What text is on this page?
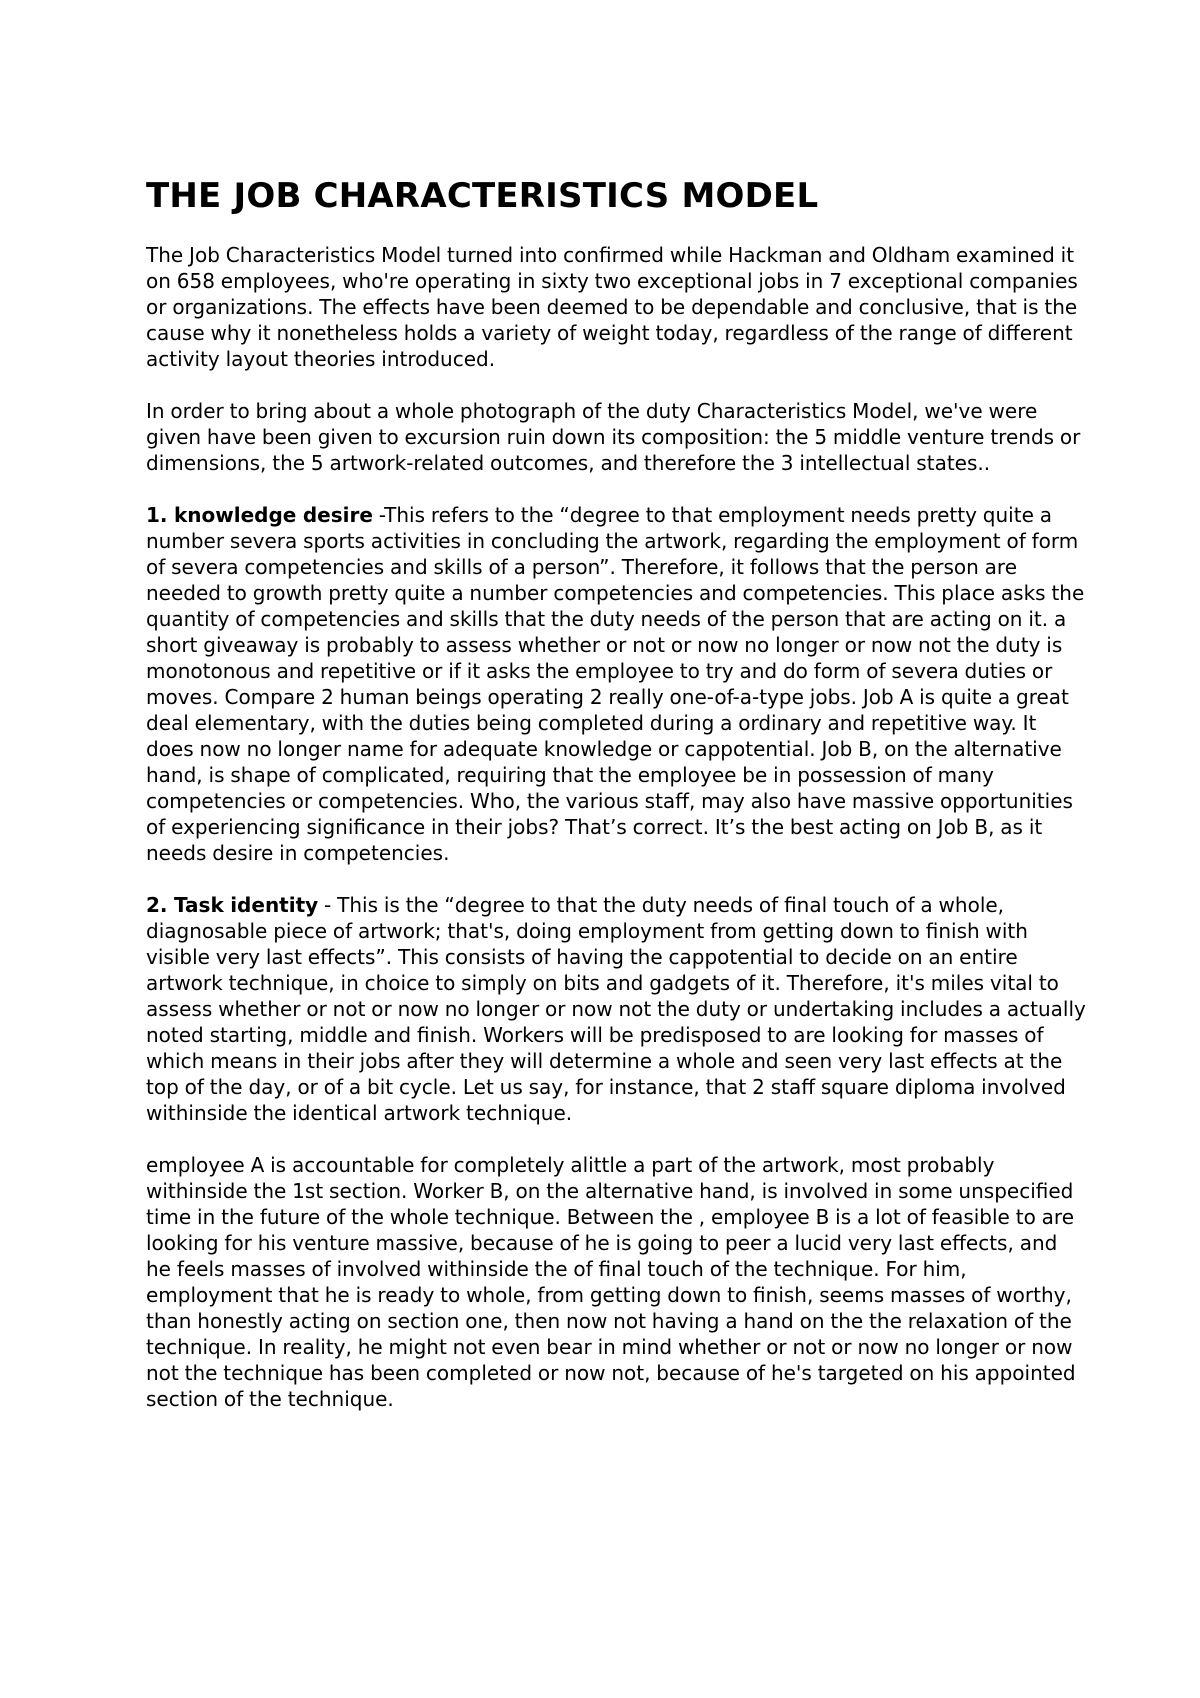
THE JOB CHARACTERISTICS MODEL

The Job Characteristics Model turned into confirmed while Hackman and Oldham examined it on 658 employees, who're operating in sixty two exceptional jobs in 7 exceptional companies or organizations. The effects have been deemed to be dependable and conclusive, that is the cause why it nonetheless holds a variety of weight today, regardless of the range of different activity layout theories introduced.

In order to bring about a whole photograph of the duty Characteristics Model, we've were given have been given to excursion ruin down its composition: the 5 middle venture trends or dimensions, the 5 artwork-related outcomes, and therefore the 3 intellectual states..

1. knowledge desire -This refers to the “degree to that employment needs pretty quite a number severa sports activities in concluding the artwork, regarding the employment of form of severa competencies and skills of a person”. Therefore, it follows that the person are needed to growth pretty quite a number competencies and competencies. This place asks the quantity of competencies and skills that the duty needs of the person that are acting on it. a short giveaway is probably to assess whether or not or now no longer or now not the duty is monotonous and repetitive or if it asks the employee to try and do form of severa duties or moves. Compare 2 human beings operating 2 really one-of-a-type jobs. Job A is quite a great deal elementary, with the duties being completed during a ordinary and repetitive way. It does now no longer name for adequate knowledge or cappotential. Job B, on the alternative hand, is shape of complicated, requiring that the employee be in possession of many competencies or competencies. Who, the various staff, may also have massive opportunities of experiencing significance in their jobs? That’s correct. It’s the best acting on Job B, as it needs desire in competencies.

2. Task identity - This is the “degree to that the duty needs of final touch of a whole, diagnosable piece of artwork; that's, doing employment from getting down to finish with visible very last effects”. This consists of having the cappotential to decide on an entire artwork technique, in choice to simply on bits and gadgets of it. Therefore, it's miles vital to assess whether or not or now no longer or now not the duty or undertaking includes a actually noted starting, middle and finish. Workers will be predisposed to are looking for masses of which means in their jobs after they will determine a whole and seen very last effects at the top of the day, or of a bit cycle. Let us say, for instance, that 2 staff square diploma involved withinside the identical artwork technique.

employee A is accountable for completely alittle a part of the artwork, most probably withinside the 1st section. Worker B, on the alternative hand, is involved in some unspecified time in the future of the whole technique. Between the , employee B is a lot of feasible to are looking for his venture massive, because of he is going to peer a lucid very last effects, and he feels masses of involved withinside the of final touch of the technique. For him, employment that he is ready to whole, from getting down to finish, seems masses of worthy, than honestly acting on section one, then now not having a hand on the the relaxation of the technique. In reality, he might not even bear in mind whether or not or now no longer or now not the technique has been completed or now not, because of he's targeted on his appointed section of the technique.
